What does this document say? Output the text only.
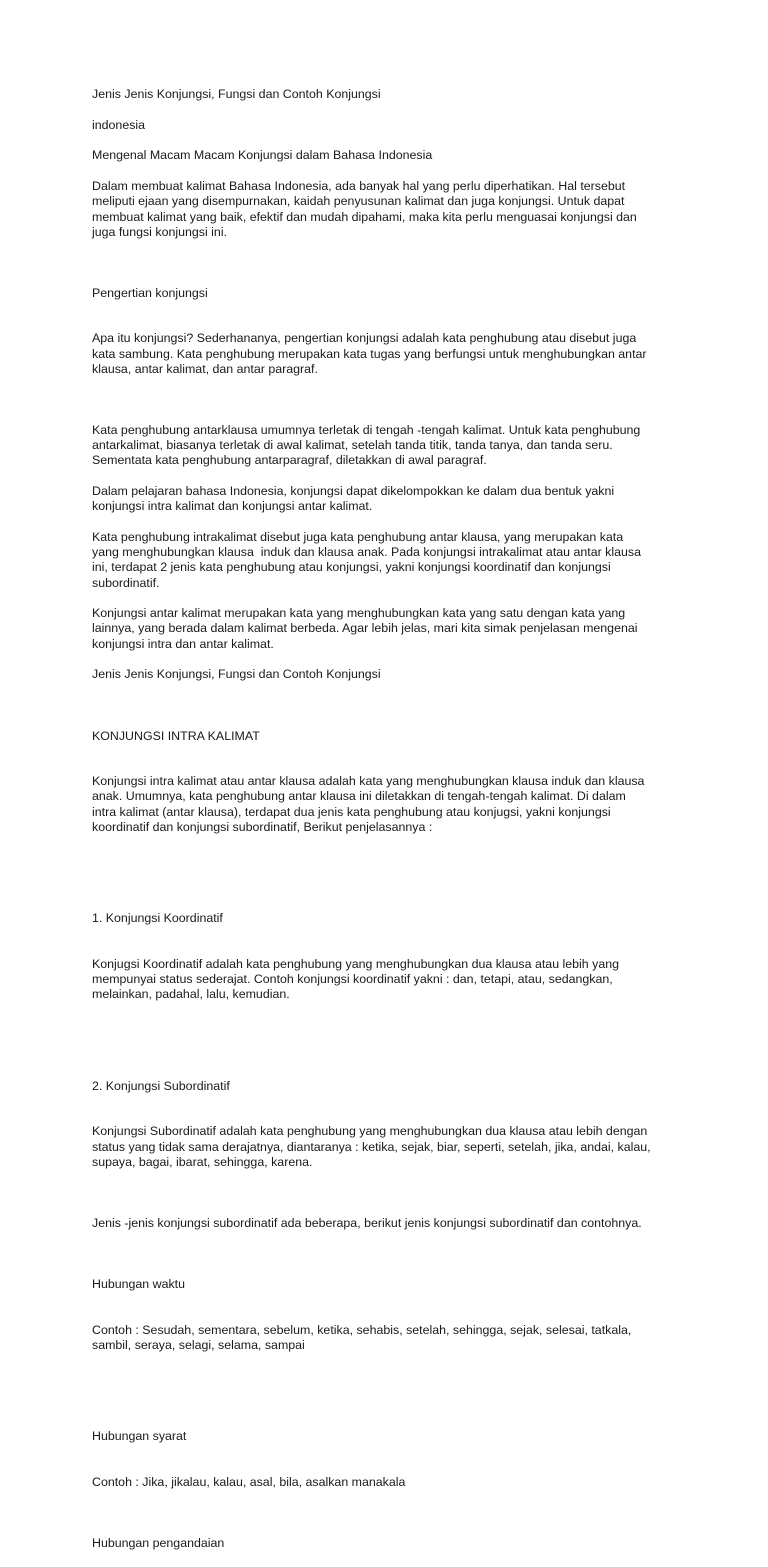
Jenis Jenis Konjungsi, Fungsi dan Contoh Konjungsi
indonesia
Mengenal Macam Macam Konjungsi dalam Bahasa Indonesia
Dalam membuat kalimat Bahasa Indonesia, ada banyak hal yang perlu diperhatikan. Hal tersebut
meliputi ejaan yang disempurnakan, kaidah penyusunan kalimat dan juga konjungsi. Untuk dapat
membuat kalimat yang baik, efektif dan mudah dipahami, maka kita perlu menguasai konjungsi dan
juga fungsi konjungsi ini.

Pengertian konjungsi

Apa itu konjungsi? Sederhananya, pengertian konjungsi adalah kata penghubung atau disebut juga
kata sambung. Kata penghubung merupakan kata tugas yang berfungsi untuk menghubungkan antar
klausa, antar kalimat, dan antar paragraf.

Kata penghubung antarklausa umumnya terletak di tengah -tengah kalimat. Untuk kata penghubung
antarkalimat, biasanya terletak di awal kalimat, setelah tanda titik, tanda tanya, dan tanda seru.
Sementata kata penghubung antarparagraf, diletakkan di awal paragraf.
Dalam pelajaran bahasa Indonesia, konjungsi dapat dikelompokkan ke dalam dua bentuk yakni
konjungsi intra kalimat dan konjungsi antar kalimat.
Kata penghubung intrakalimat disebut juga kata penghubung antar klausa, yang merupakan kata
yang menghubungkan klausa  induk dan klausa anak. Pada konjungsi intrakalimat atau antar klausa
ini, terdapat 2 jenis kata penghubung atau konjungsi, yakni konjungsi koordinatif dan konjungsi
subordinatif.
Konjungsi antar kalimat merupakan kata yang menghubungkan kata yang satu dengan kata yang
lainnya, yang berada dalam kalimat berbeda. Agar lebih jelas, mari kita simak penjelasan mengenai
konjungsi intra dan antar kalimat.
Jenis Jenis Konjungsi, Fungsi dan Contoh Konjungsi

KONJUNGSI INTRA KALIMAT

Konjungsi intra kalimat atau antar klausa adalah kata yang menghubungkan klausa induk dan klausa
anak. Umumnya, kata penghubung antar klausa ini diletakkan di tengah-tengah kalimat. Di dalam
intra kalimat (antar klausa), terdapat dua jenis kata penghubung atau konjugsi, yakni konjungsi
koordinatif dan konjungsi subordinatif, Berikut penjelasannya :

1. Konjungsi Koordinatif

Konjugsi Koordinatif adalah kata penghubung yang menghubungkan dua klausa atau lebih yang
mempunyai status sederajat. Contoh konjungsi koordinatif yakni : dan, tetapi, atau, sedangkan,
melainkan, padahal, lalu, kemudian.

2. Konjungsi Subordinatif

Konjungsi Subordinatif adalah kata penghubung yang menghubungkan dua klausa atau lebih dengan
status yang tidak sama derajatnya, diantaranya : ketika, sejak, biar, seperti, setelah, jika, andai, kalau,
supaya, bagai, ibarat, sehingga, karena.

Jenis -jenis konjungsi subordinatif ada beberapa, berikut jenis konjungsi subordinatif dan contohnya.

Hubungan waktu

Contoh : Sesudah, sementara, sebelum, ketika, sehabis, setelah, sehingga, sejak, selesai, tatkala,
sambil, seraya, selagi, selama, sampai

Hubungan syarat

Contoh : Jika, jikalau, kalau, asal, bila, asalkan manakala

Hubungan pengandaian
